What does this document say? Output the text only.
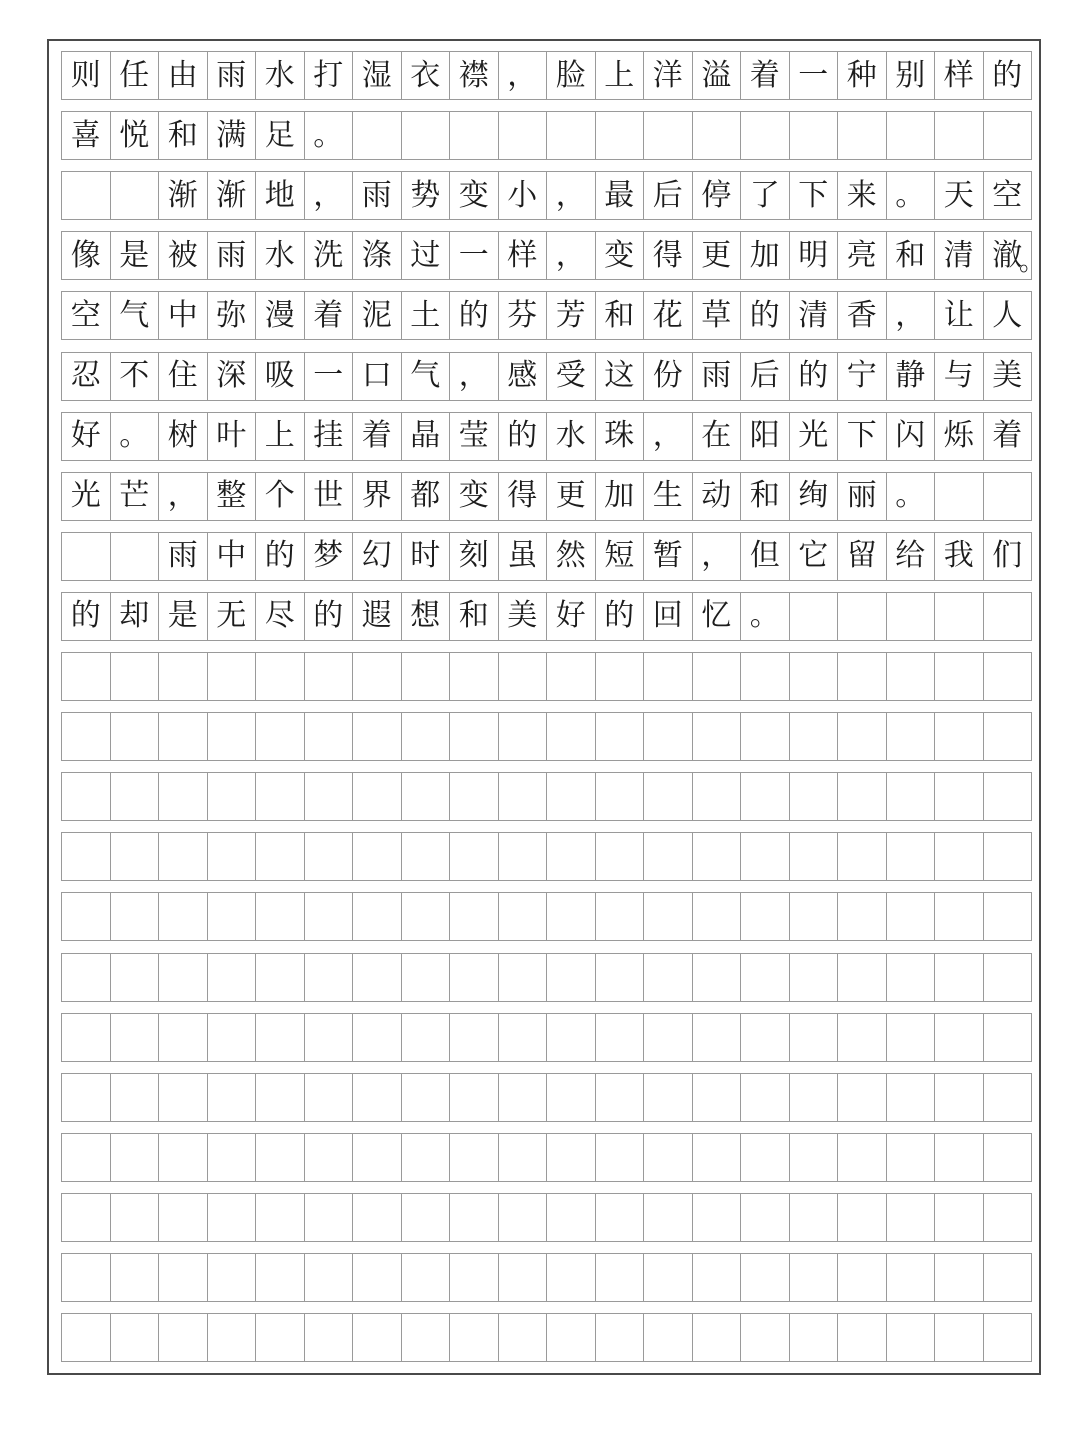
则 任 由 雨 水 打 湿 衣 襟 ， 脸 上 洋 溢 着 一 种 别 样 的
喜 悦 和 满 足 。
渐 渐 地 ， 雨 势 变 小 ， 最 后 停 了 下 来 。 天 空
像 是 被 雨 水 洗 涤 过 一 样 ， 变 得 更 加 明 亮 和 清 澈
。
空 气 中 弥 漫 着 泥 土 的 芬 芳 和 花 草 的 清 香 ， 让 人
忍 不 住 深 吸 一 口 气 ， 感 受 这 份 雨 后 的 宁 静 与 美
好 。 树 叶 上 挂 着 晶 莹 的 水 珠 ， 在 阳 光 下 闪 烁 着
光 芒 ， 整 个 世 界 都 变 得 更 加 生 动 和 绚 丽 。
雨 中 的 梦 幻 时 刻 虽 然 短 暂 ， 但 它 留 给 我 们
的 却 是 无 尽 的 遐 想 和 美 好 的 回 忆 。
